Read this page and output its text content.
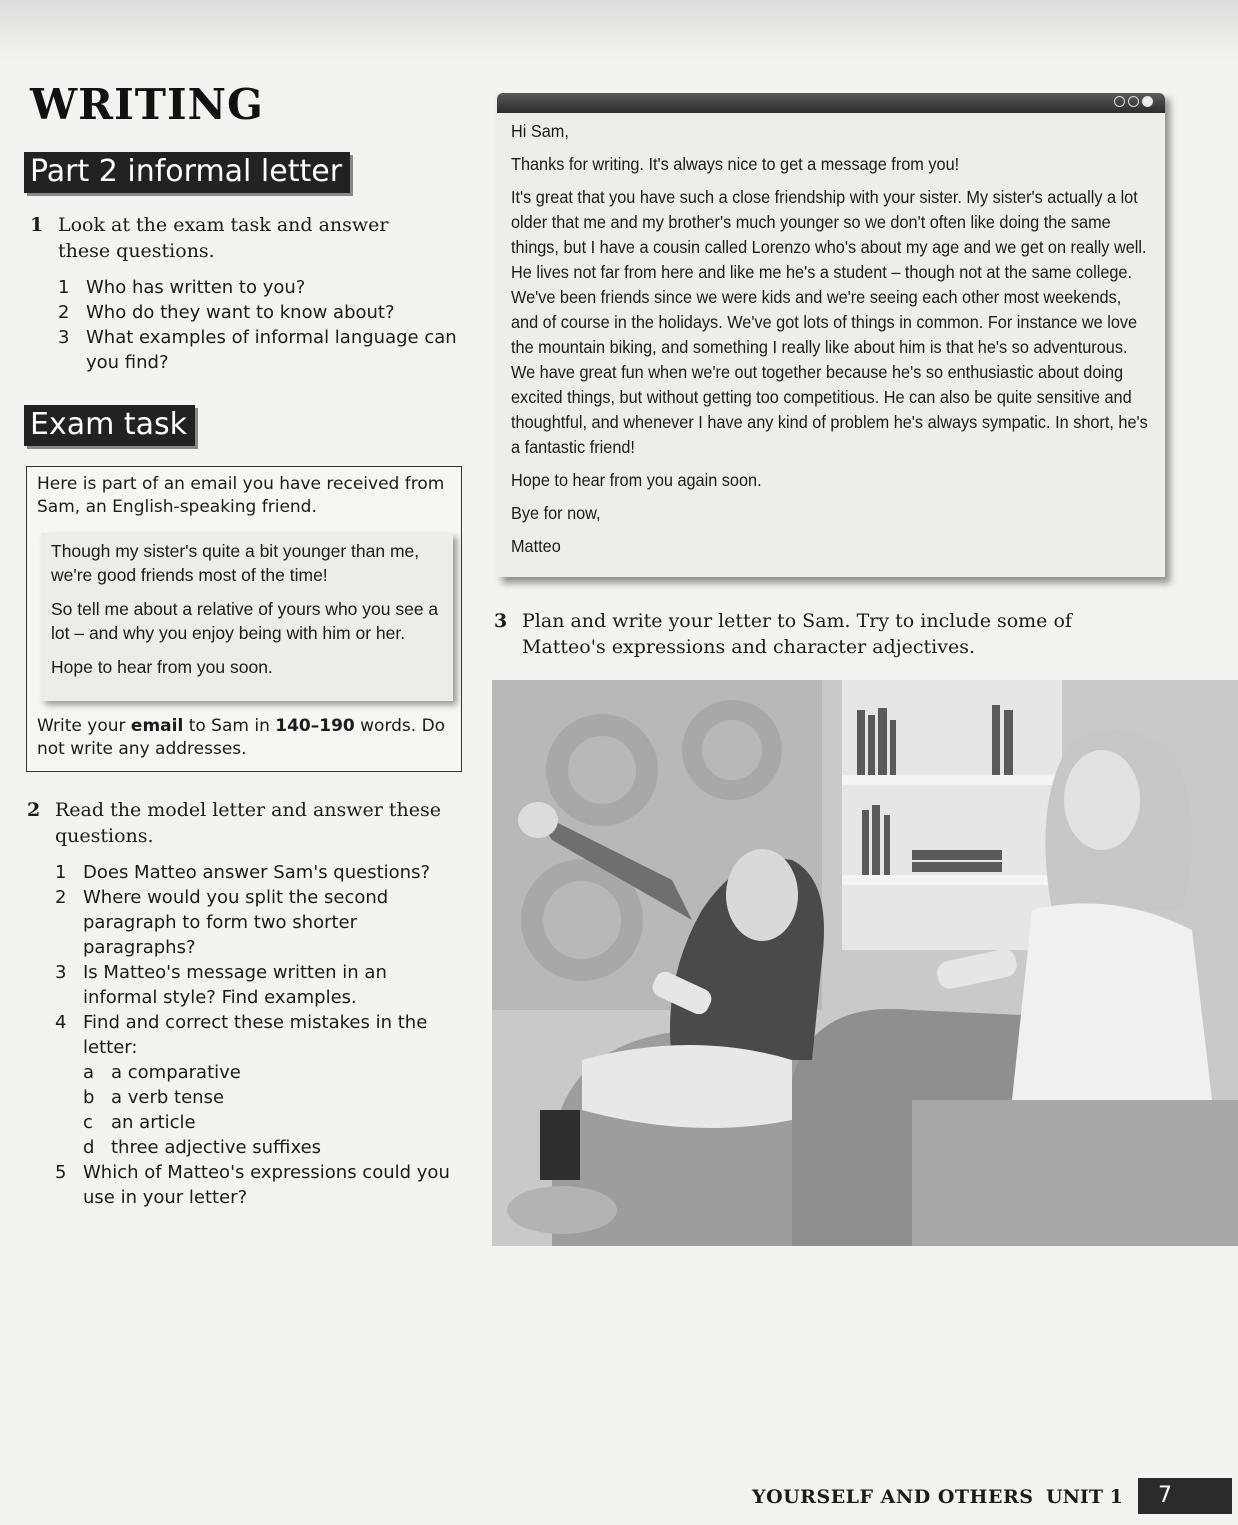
WRITING
Part 2 informal letter
1 Look at the exam task and answer these questions.
1 Who has written to you?
2 Who do they want to know about?
3 What examples of informal language can you find?
Exam task
Here is part of an email you have received from Sam, an English-speaking friend.

Though my sister's quite a bit younger than me, we're good friends most of the time!

So tell me about a relative of yours who you see a lot – and why you enjoy being with him or her.

Hope to hear from you soon.

Write your email to Sam in 140–190 words. Do not write any addresses.
2 Read the model letter and answer these questions.
1 Does Matteo answer Sam's questions?
2 Where would you split the second paragraph to form two shorter paragraphs?
3 Is Matteo's message written in an informal style? Find examples.
4 Find and correct these mistakes in the letter:
a a comparative
b a verb tense
c an article
d three adjective suffixes
5 Which of Matteo's expressions could you use in your letter?

Hi Sam,

Thanks for writing. It's always nice to get a message from you!

It's great that you have such a close friendship with your sister. My sister's actually a lot older that me and my brother's much younger so we don't often like doing the same things, but I have a cousin called Lorenzo who's about my age and we get on really well. He lives not far from here and like me he's a student – though not at the same college. We've been friends since we were kids and we're seeing each other most weekends, and of course in the holidays. We've got lots of things in common. For instance we love the mountain biking, and something I really like about him is that he's so adventurous. We have great fun when we're out together because he's so enthusiastic about doing excited things, but without getting too competitious. He can also be quite sensitive and thoughtful, and whenever I have any kind of problem he's always sympatic. In short, he's a fantastic friend!

Hope to hear from you again soon.

Bye for now,

Matteo

3 Plan and write your letter to Sam. Try to include some of Matteo's expressions and character adjectives.
YOURSELF AND OTHERS UNIT 1	7
